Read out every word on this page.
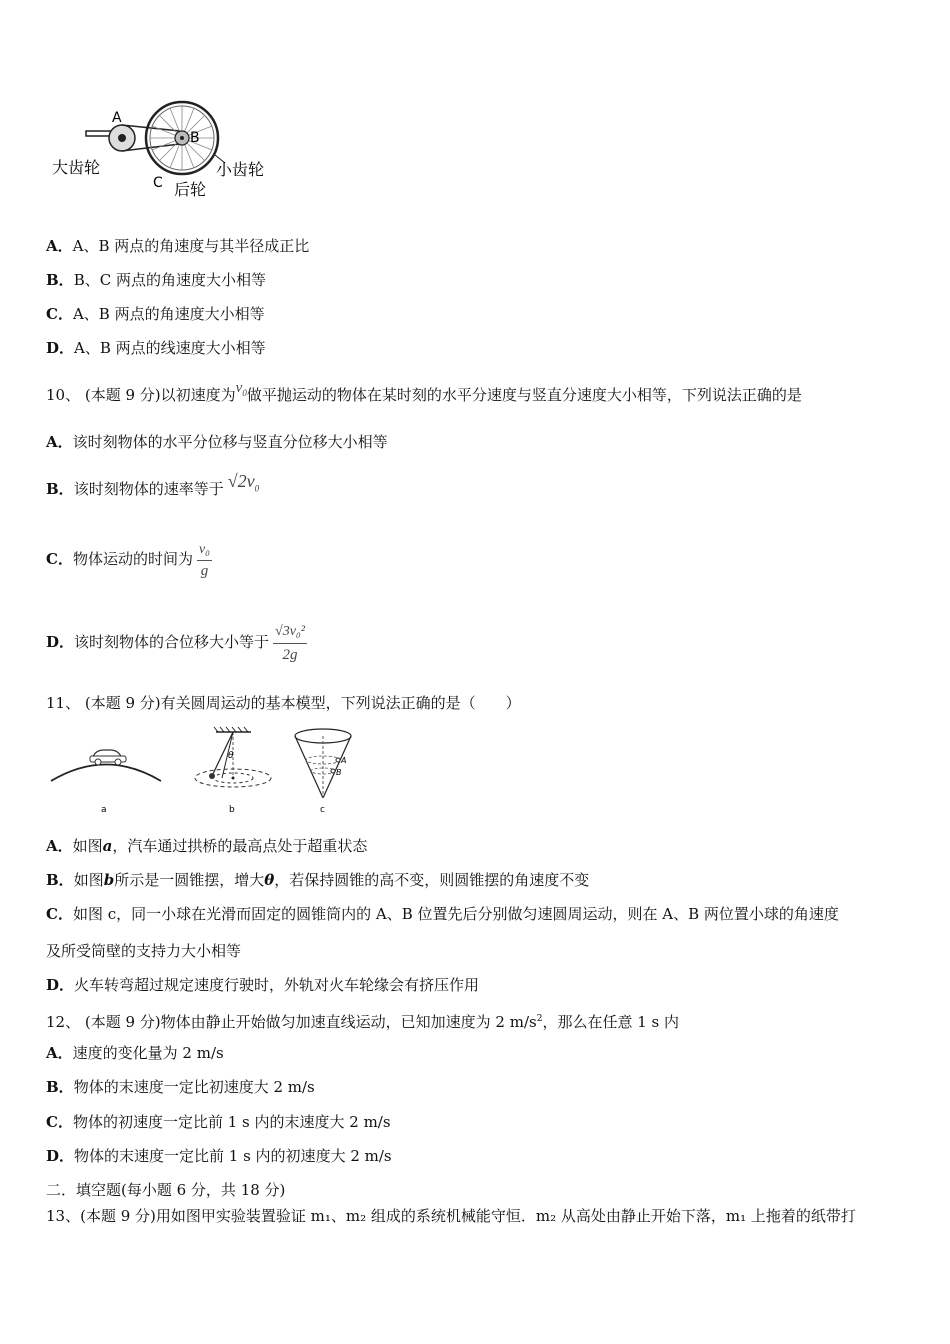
A
B
C
大齿轮	小齿轮
后轮
A．A、B 两点的角速度与其半径成正比
B．B、C 两点的角速度大小相等
C．A、B 两点的角速度大小相等
D．A、B 两点的线速度大小相等
10、 (本题 9 分)以初速度为$v_0$做平抛运动的物体在某时刻的水平分速度与竖直分速度大小相等，下列说法正确的是
A．该时刻物体的水平分位移与竖直分位移大小相等
B．该时刻物体的速率等于 $√2v_0$
C．物体运动的时间为 $\frac{\text{v₀}}{g}$
D．该时刻物体的合位移大小等于 $\frac{\text{√3v₀²}}{2g}$
11、 (本题 9 分)有关圆周运动的基本模型，下列说法正确的是（　　）
a
θ
b
A
B
c
A．如图a，汽车通过拱桥的最高点处于超重状态
B．如图b所示是一圆锥摆，增大θ，若保持圆锥的高不变，则圆锥摆的角速度不变
C．如图 c，同一小球在光滑而固定的圆锥筒内的 A、B 位置先后分别做匀速圆周运动，则在 A、B 两位置小球的角速度
及所受筒壁的支持力大小相等
D．火车转弯超过规定速度行驶时，外轨对火车轮缘会有挤压作用
12、 (本题 9 分)物体由静止开始做匀加速直线运动，已知加速度为 2 $m/s^2$，那么在任意 1 s 内
A．速度的变化量为 2 m/s
B．物体的末速度一定比初速度大 2 m/s
C．物体的初速度一定比前 1 s 内的末速度大 2 m/s
D．物体的末速度一定比前 1 s 内的初速度大 2 m/s
二．填空题(每小题 6 分，共 18 分)
13、(本题 9 分)用如图甲实验装置验证 m₁、m₂ 组成的系统机械能守恒．m₂ 从高处由静止开始下落，m₁ 上拖着的纸带打
